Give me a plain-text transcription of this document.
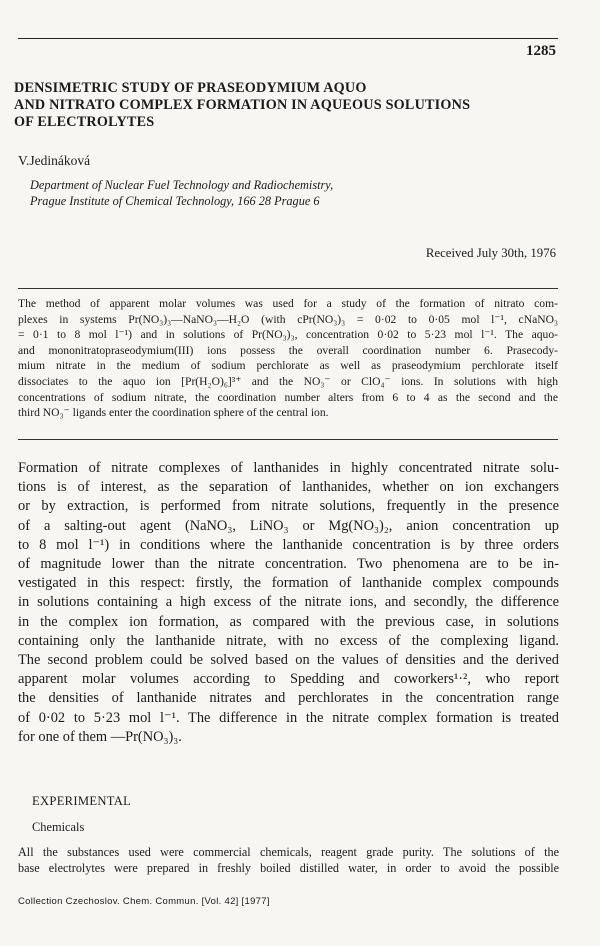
1285
DENSIMETRIC STUDY OF PRASEODYMIUM AQUO
AND NITRATO COMPLEX FORMATION IN AQUEOUS SOLUTIONS
OF ELECTROLYTES
V.Jedináková
Department of Nuclear Fuel Technology and Radiochemistry,
Prague Institute of Chemical Technology, 166 28 Prague 6
Received July 30th, 1976
The method of apparent molar volumes was used for a study of the formation of nitrato com-
plexes in systems Pr(NO₃)₃—NaNO₃—H₂O (with cPr(NO₃)₃ = 0·02 to 0·05 mol l⁻¹, cNaNO₃
= 0·1 to 8 mol l⁻¹) and in solutions of Pr(NO₃)₃, concentration 0·02 to 5·23 mol l⁻¹. The aquo-
and mononitratopraseodymium(III) ions possess the overall coordination number 6. Prasecody-
mium nitrate in the medium of sodium perchlorate as well as praseodymium perchlorate itself
dissociates to the aquo ion [Pr(H₂O)₆]³⁺ and the NO₃⁻ or ClO₄⁻ ions. In solutions with high
concentrations of sodium nitrate, the coordination number alters from 6 to 4 as the second and the
third NO₃⁻ ligands enter the coordination sphere of the central ion.
Formation of nitrate complexes of lanthanides in highly concentrated nitrate solu-
tions is of interest, as the separation of lanthanides, whether on ion exchangers
or by extraction, is performed from nitrate solutions, frequently in the presence
of a salting-out agent (NaNO₃, LiNO₃ or Mg(NO₃)₂, anion concentration up
to 8 mol l⁻¹) in conditions where the lanthanide concentration is by three orders
of magnitude lower than the nitrate concentration. Two phenomena are to be in-
vestigated in this respect: firstly, the formation of lanthanide complex compounds
in solutions containing a high excess of the nitrate ions, and secondly, the difference
in the complex ion formation, as compared with the previous case, in solutions
containing only the lanthanide nitrate, with no excess of the complexing ligand.
The second problem could be solved based on the values of densities and the derived
apparent molar volumes according to Spedding and coworkers¹·², who report
the densities of lanthanide nitrates and perchlorates in the concentration range
of 0·02 to 5·23 mol l⁻¹. The difference in the nitrate complex formation is treated
for one of them —Pr(NO₃)₃.
EXPERIMENTAL
Chemicals
All the substances used were commercial chemicals, reagent grade purity. The solutions of the
base electrolytes were prepared in freshly boiled distilled water, in order to avoid the possible
Collection Czechoslov. Chem. Commun. [Vol. 42] [1977]
